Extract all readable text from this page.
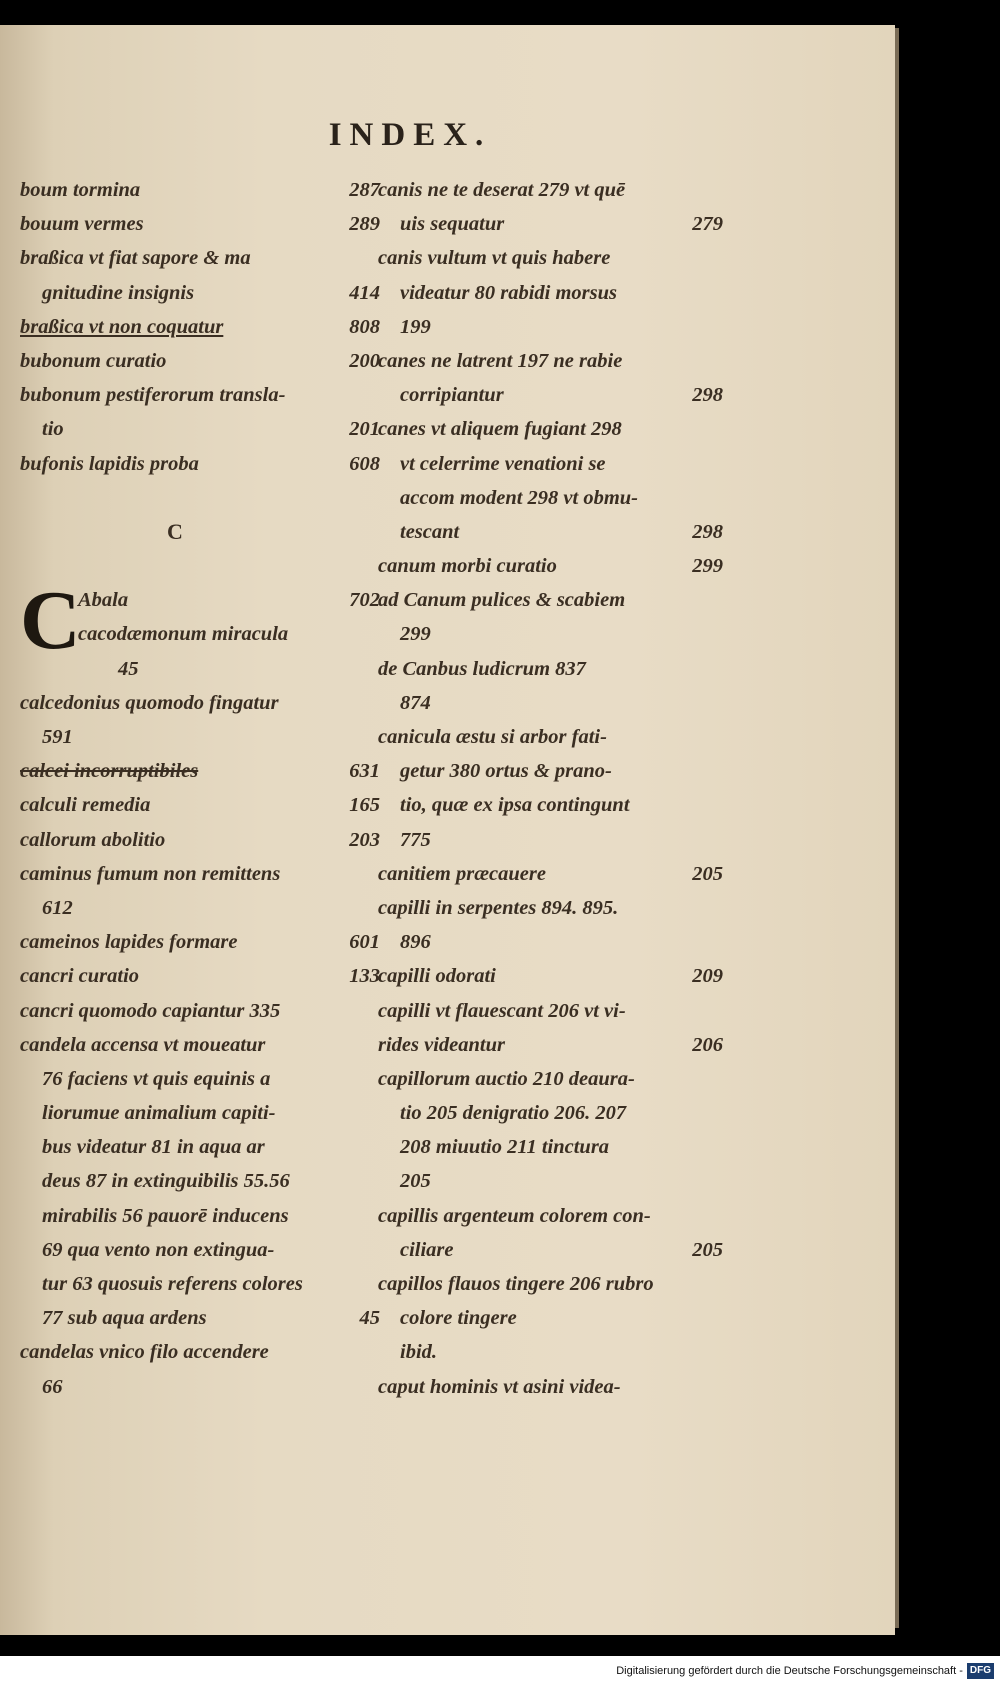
INDEX.
boum tormina	287
bouum vermes	289
braßica vt fiat sapore & ma
gnitudine insignis	414
braßica vt non coquatur	808
bubonum curatio	200
bubonum pestiferorum transla-
tio	201
bufonis lapidis proba	608
C
C
Abala	702
cacodæmonum miracula
45
calcedonius quomodo fingatur
591
calcei incorruptibiles	631
calculi remedia	165
callorum abolitio	203
caminus fumum non remittens
612
cameinos lapides formare	601
cancri curatio	133
cancri quomodo capiantur 335
candela accensa vt moueatur
76 faciens vt quis equinis a
liorumue animalium capiti-
bus videatur 81 in aqua ar
deus 87 in extinguibilis 55.56
mirabilis 56 pauorē inducens
69 qua vento non extingua-
tur 63 quosuis referens colores
77 sub aqua ardens	45
candelas vnico filo accendere
66
canis ne te deserat 279 vt quē
uis sequatur	279
canis vultum vt quis habere
videatur 80 rabidi morsus
199
canes ne latrent 197 ne rabie
corripiantur	298
canes vt aliquem fugiant 298
vt celerrime venationi se
accom modent 298 vt obmu-
tescant	298
canum morbi curatio	299
ad Canum pulices & scabiem
299
de Canbus ludicrum 837
874
canicula æstu si arbor fati-
getur 380 ortus & prano-
tio, quæ ex ipsa contingunt
775
canitiem præcauere	205
capilli in serpentes 894. 895.
896
capilli odorati	209
capilli vt flauescant 206 vt vi-
rides videantur	206
capillorum auctio 210 deaura-
tio 205 denigratio 206. 207
208 miuutio 211 tinctura
205
capillis argenteum colorem con-
ciliare	205
capillos flauos tingere 206 rubro
colore tingere
ibid.
caput hominis vt asini videa-
Digitalisierung gefördert durch die Deutsche Forschungsgemeinschaft - DFG
